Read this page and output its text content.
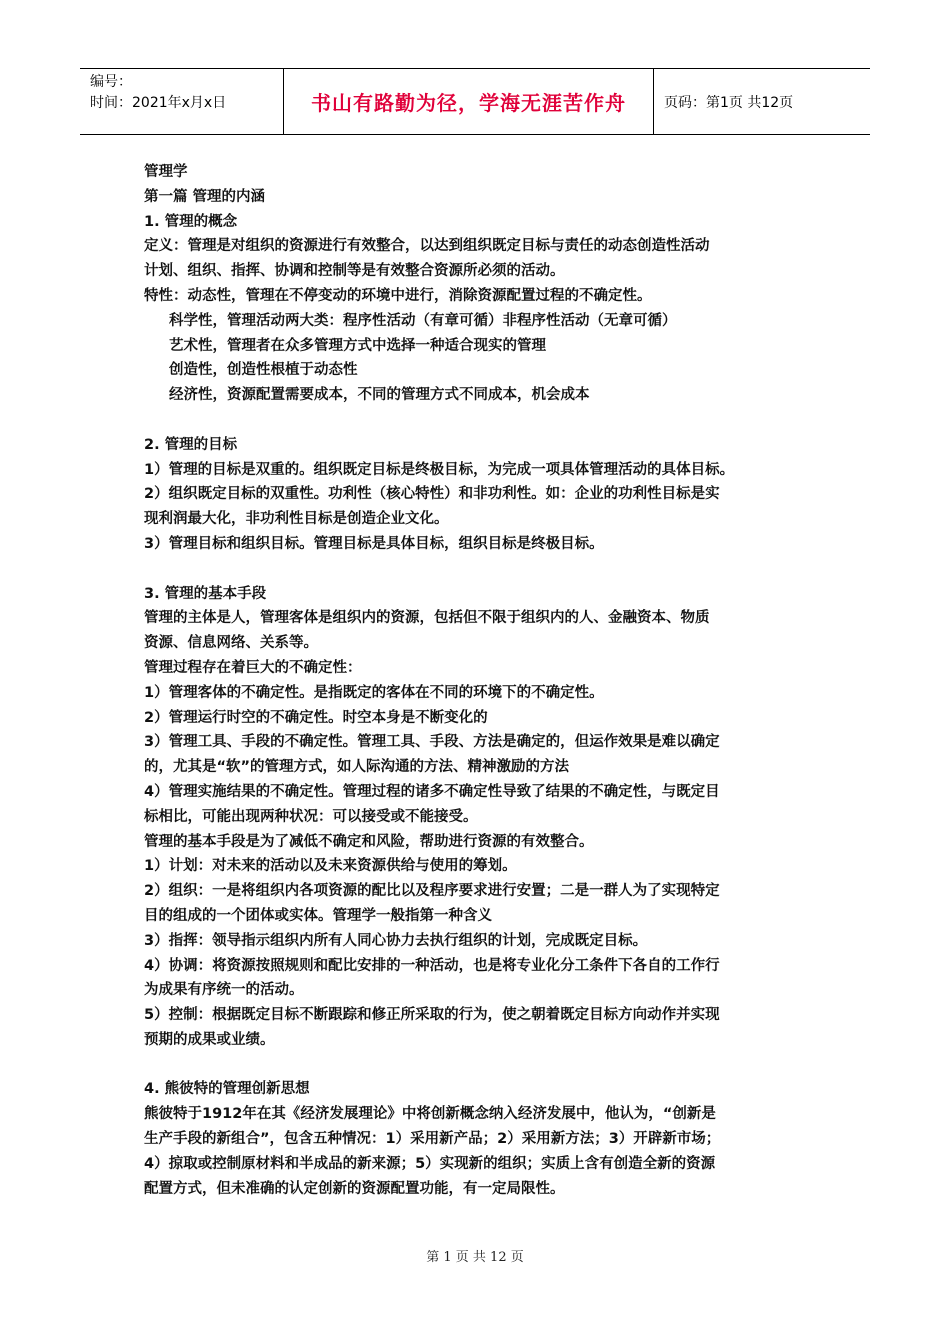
编号：
时间：2021年x月x日	书山有路勤为径，学海无涯苦作舟	页码：第1页 共12页

管理学

第一篇 管理的内涵

1. 管理的概念

定义：管理是对组织的资源进行有效整合，以达到组织既定目标与责任的动态创造性活动

计划、组织、指挥、协调和控制等是有效整合资源所必须的活动。

特性：动态性，管理在不停变动的环境中进行，消除资源配置过程的不确定性。

科学性，管理活动两大类：程序性活动（有章可循）非程序性活动（无章可循）

艺术性，管理者在众多管理方式中选择一种适合现实的管理

创造性，创造性根植于动态性

经济性，资源配置需要成本，不同的管理方式不同成本，机会成本

2. 管理的目标

1）管理的目标是双重的。组织既定目标是终极目标，为完成一项具体管理活动的具体目标。

2）组织既定目标的双重性。功利性（核心特性）和非功利性。如：企业的功利性目标是实

现利润最大化，非功利性目标是创造企业文化。

3）管理目标和组织目标。管理目标是具体目标，组织目标是终极目标。

3. 管理的基本手段

管理的主体是人，管理客体是组织内的资源，包括但不限于组织内的人、金融资本、物质

资源、信息网络、关系等。

管理过程存在着巨大的不确定性：

1）管理客体的不确定性。是指既定的客体在不同的环境下的不确定性。

2）管理运行时空的不确定性。时空本身是不断变化的

3）管理工具、手段的不确定性。管理工具、手段、方法是确定的，但运作效果是难以确定

的，尤其是“软”的管理方式，如人际沟通的方法、精神激励的方法

4）管理实施结果的不确定性。管理过程的诸多不确定性导致了结果的不确定性，与既定目

标相比，可能出现两种状况：可以接受或不能接受。

管理的基本手段是为了减低不确定和风险，帮助进行资源的有效整合。

1）计划：对未来的活动以及未来资源供给与使用的筹划。

2）组织：一是将组织内各项资源的配比以及程序要求进行安置；二是一群人为了实现特定

目的组成的一个团体或实体。管理学一般指第一种含义

3）指挥：领导指示组织内所有人同心协力去执行组织的计划，完成既定目标。

4）协调：将资源按照规则和配比安排的一种活动，也是将专业化分工条件下各自的工作行

为成果有序统一的活动。

5）控制：根据既定目标不断跟踪和修正所采取的行为，使之朝着既定目标方向动作并实现

预期的成果或业绩。

4. 熊彼特的管理创新思想

熊彼特于1912年在其《经济发展理论》中将创新概念纳入经济发展中，他认为，“创新是

生产手段的新组合”，包含五种情况：1）采用新产品；2）采用新方法；3）开辟新市场；

4）掠取或控制原材料和半成品的新来源；5）实现新的组织；实质上含有创造全新的资源

配置方式，但未准确的认定创新的资源配置功能，有一定局限性。

第 1 页 共 12 页
